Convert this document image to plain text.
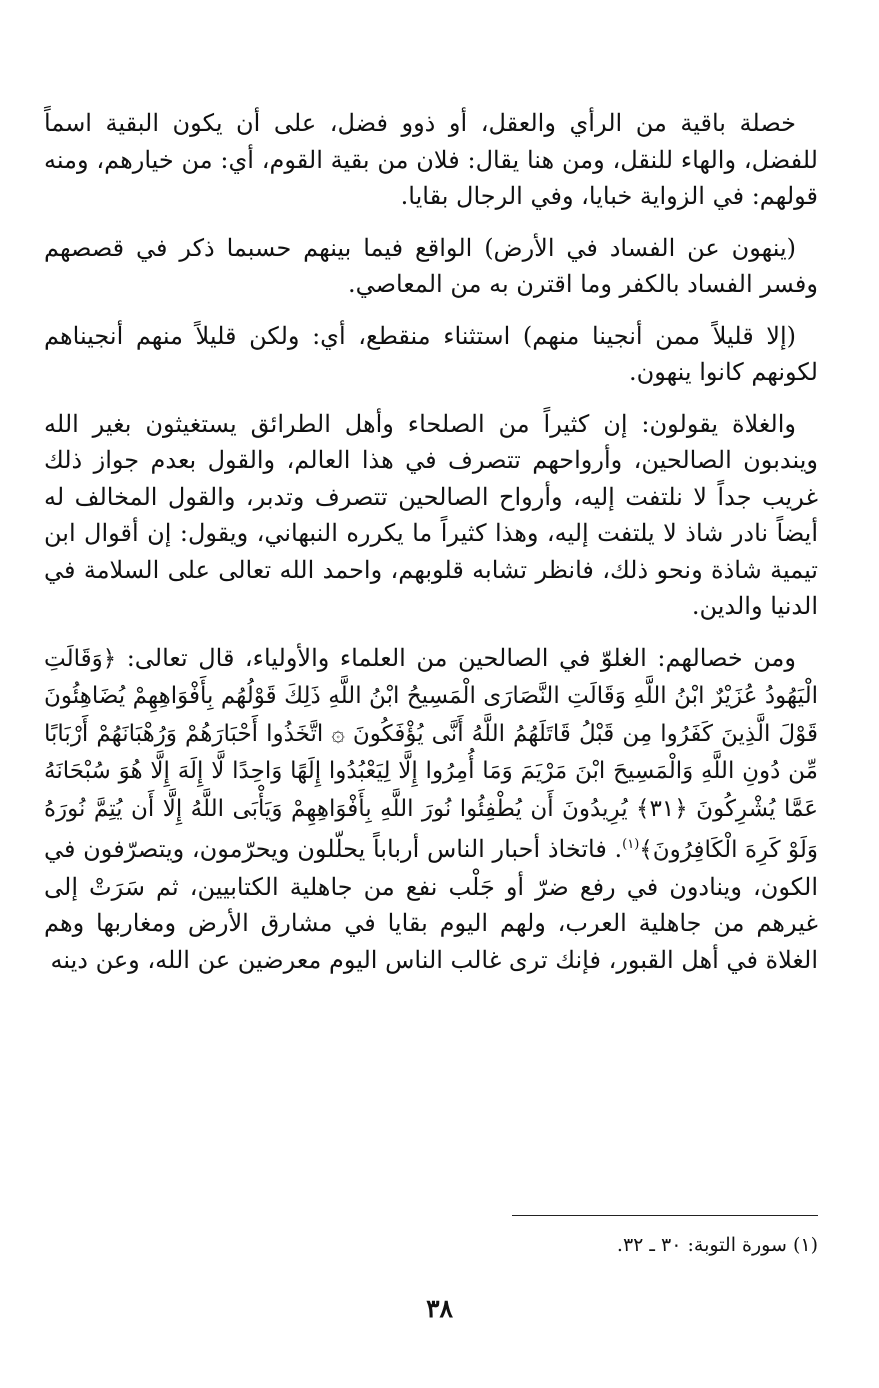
خصلة باقية من الرأي والعقل، أو ذوو فضل، على أن يكون البقية اسماً للفضل، والهاء للنقل، ومن هنا يقال: فلان من بقية القوم، أي: من خيارهم، ومنه قولهم: في الزواية خبايا، وفي الرجال بقايا.

(ينهون عن الفساد في الأرض) الواقع فيما بينهم حسبما ذكر في قصصهم وفسر الفساد بالكفر وما اقترن به من المعاصي.

(إلا قليلاً ممن أنجينا منهم) استثناء منقطع، أي: ولكن قليلاً منهم أنجيناهم لكونهم كانوا ينهون.

والغلاة يقولون: إن كثيراً من الصلحاء وأهل الطرائق يستغيثون بغير الله ويندبون الصالحين، وأرواحهم تتصرف في هذا العالم، والقول بعدم جواز ذلك غريب جداً لا نلتفت إليه، وأرواح الصالحين تتصرف وتدبر، والقول المخالف له أيضاً نادر شاذ لا يلتفت إليه، وهذا كثيراً ما يكرره النبهاني، ويقول: إن أقوال ابن تيمية شاذة ونحو ذلك، فانظر تشابه قلوبهم، واحمد الله تعالى على السلامة في الدنيا والدين.

ومن خصالهم: الغلوّ في الصالحين من العلماء والأولياء، قال تعالى: ﴿وَقَالَتِ الْيَهُودُ عُزَيْرٌ ابْنُ اللَّهِ وَقَالَتِ النَّصَارَى الْمَسِيحُ ابْنُ اللَّهِ ذَلِكَ قَوْلُهُم بِأَفْوَاهِهِمْ يُضَاهِئُونَ قَوْلَ الَّذِينَ كَفَرُوا مِن قَبْلُ قَاتَلَهُمُ اللَّهُ أَنَّى يُؤْفَكُونَ ۞ اتَّخَذُوا أَحْبَارَهُمْ وَرُهْبَانَهُمْ أَرْبَابًا مِّن دُونِ اللَّهِ وَالْمَسِيحَ ابْنَ مَرْيَمَ وَمَا أُمِرُوا إِلَّا لِيَعْبُدُوا إِلَهًا وَاحِدًا لَّا إِلَهَ إِلَّا هُوَ سُبْحَانَهُ عَمَّا يُشْرِكُونَ ﴿٣١﴾ يُرِيدُونَ أَن يُطْفِئُوا نُورَ اللَّهِ بِأَفْوَاهِهِمْ وَيَأْبَى اللَّهُ إِلَّا أَن يُتِمَّ نُورَهُ وَلَوْ كَرِهَ الْكَافِرُونَ﴾$^{(١)}$. فاتخاذ أحبار الناس أرباباً يحلّلون ويحرّمون، ويتصرّفون في الكون، وينادون في رفع ضرّ أو جَلْب نفع من جاهلية الكتابيين، ثم سَرَتْ إلى غيرهم من جاهلية العرب، ولهم اليوم بقايا في مشارق الأرض ومغاربها وهم الغلاة في أهل القبور، فإنك ترى غالب الناس اليوم معرضين عن الله، وعن دينه

(١) سورة التوبة: ٣٠ ـ ٣٢.
٣٨
